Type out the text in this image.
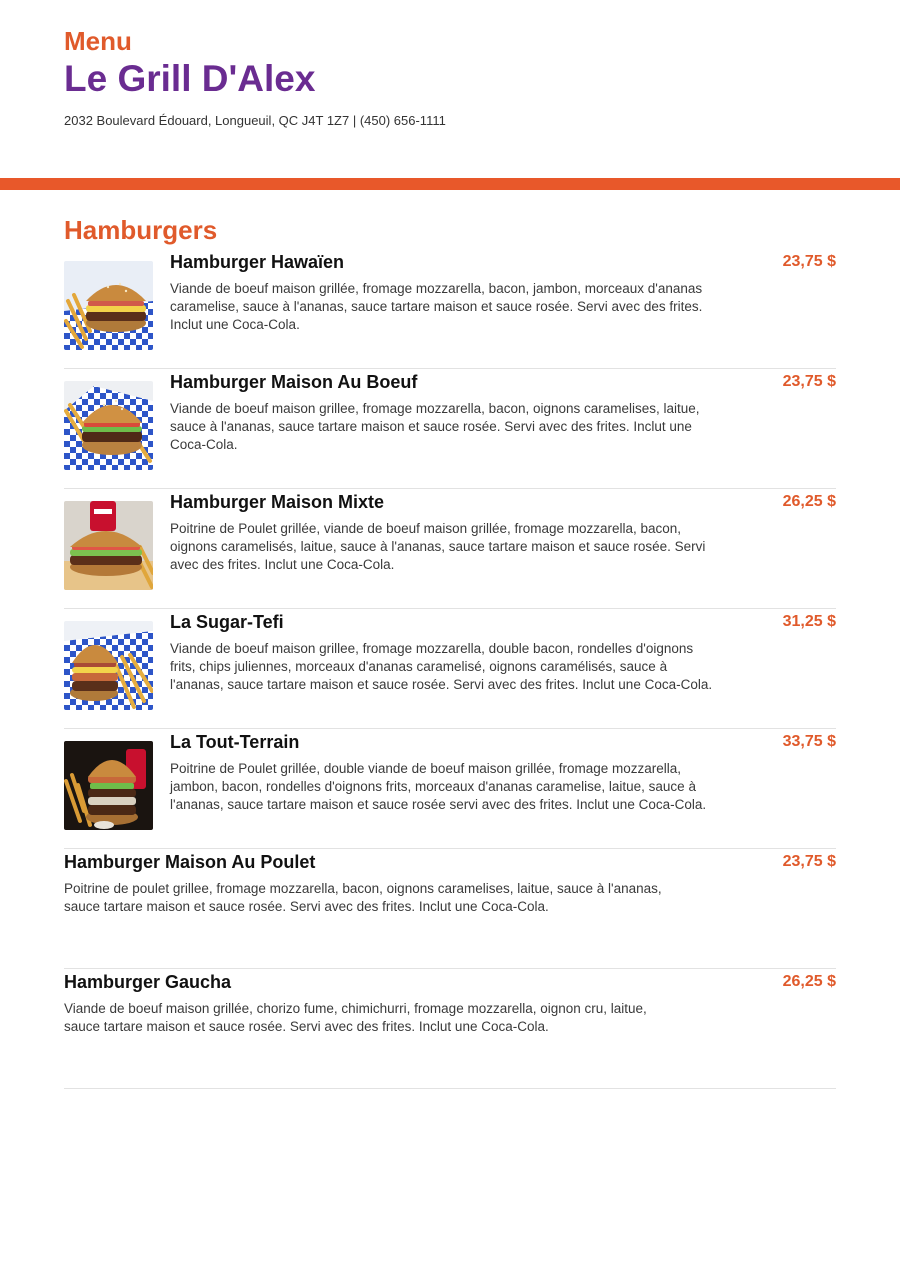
Menu
Le Grill D'Alex
2032 Boulevard Édouard, Longueuil, QC J4T 1Z7 | (450) 656-1111
Hamburgers
Hamburger Hawaïen
Viande de boeuf maison grillée, fromage mozzarella, bacon, jambon, morceaux d'ananas caramelise, sauce à l'ananas, sauce tartare maison et sauce rosée. Servi avec des frites. Inclut une Coca-Cola.
23,75 $
Hamburger Maison Au Boeuf
Viande de boeuf maison grillee, fromage mozzarella, bacon, oignons caramelises, laitue, sauce à l'ananas, sauce tartare maison et sauce rosée. Servi avec des frites. Inclut une Coca-Cola.
23,75 $
Hamburger Maison Mixte
Poitrine de Poulet grillée, viande de boeuf maison grillée, fromage mozzarella, bacon, oignons caramelisés, laitue, sauce à l'ananas, sauce tartare maison et sauce rosée. Servi avec des frites. Inclut une Coca-Cola.
26,25 $
La Sugar-Tefi
Viande de boeuf maison grillee, fromage mozzarella, double bacon, rondelles d'oignons frits, chips juliennes, morceaux d'ananas caramelisé, oignons caramélisés, sauce à l'ananas, sauce tartare maison et sauce rosée. Servi avec des frites. Inclut une Coca-Cola.
31,25 $
La Tout-Terrain
Poitrine de Poulet grillée, double viande de boeuf maison grillée, fromage mozzarella, jambon, bacon, rondelles d'oignons frits, morceaux d'ananas caramelise, laitue, sauce à l'ananas, sauce tartare maison et sauce rosée servi avec des frites. Inclut une Coca-Cola.
33,75 $
Hamburger Maison Au Poulet
Poitrine de poulet grillee, fromage mozzarella, bacon, oignons caramelises, laitue, sauce à l'ananas, sauce tartare maison et sauce rosée. Servi avec des frites. Inclut une Coca-Cola.
23,75 $
Hamburger Gaucha
Viande de boeuf maison grillée, chorizo fume, chimichurri, fromage mozzarella, oignon cru, laitue, sauce tartare maison et sauce rosée. Servi avec des frites. Inclut une Coca-Cola.
26,25 $
